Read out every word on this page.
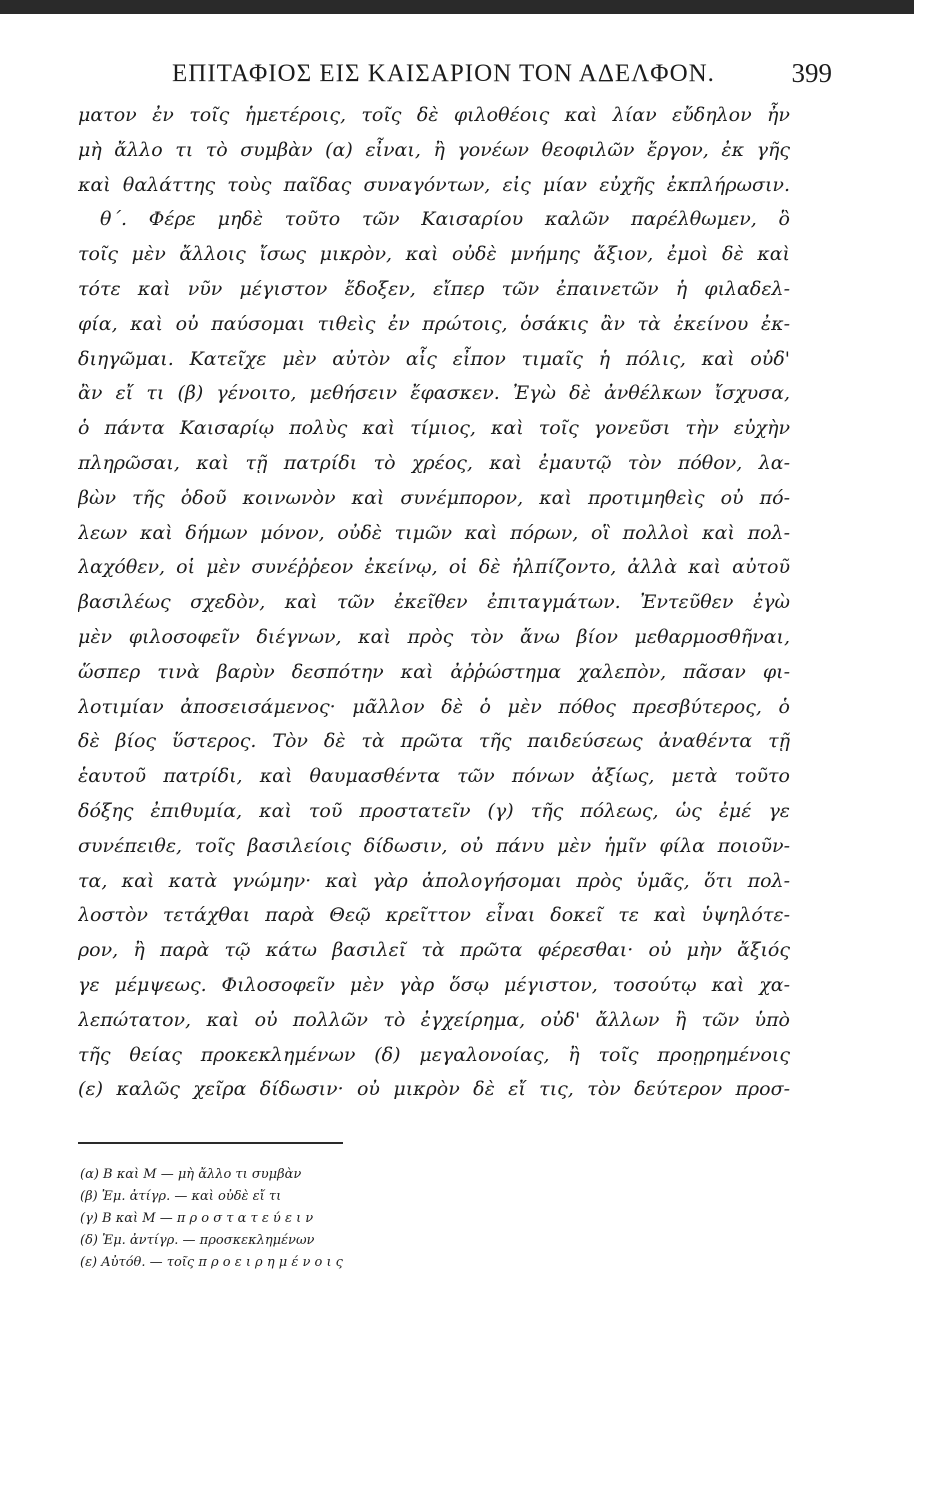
ΕΠΙΤΑΦΙΟΣ ΕΙΣ ΚΑΙΣΑΡΙΟΝ ΤΟΝ ΑΔΕΛΦΟΝ.	399
ματον ἐν τοῖς ἡμετέροις, τοῖς δὲ φιλοθέοις καὶ λίαν εὔδηλον ἦν
μὴ ἄλλο τι τὸ συμβὰν (α) εἶναι, ἢ γονέων θεοφιλῶν ἔργον, ἐκ γῆς
καὶ θαλάττης τοὺς παῖδας συναγόντων, εἰς μίαν εὐχῆς ἐκπλήρωσιν.
θ΄. Φέρε μηδὲ τοῦτο τῶν Καισαρίου καλῶν παρέλθωμεν, ὃ
τοῖς μὲν ἄλλοις ἴσως μικρὸν, καὶ οὐδὲ μνήμης ἄξιον, ἐμοὶ δὲ καὶ
τότε καὶ νῦν μέγιστον ἔδοξεν, εἴπερ τῶν ἐπαινετῶν ἡ φιλαδελ-
φία, καὶ οὐ παύσομαι τιθεὶς ἐν πρώτοις, ὁσάκις ἂν τὰ ἐκείνου ἐκ-
διηγῶμαι. Κατεῖχε μὲν αὐτὸν αἷς εἶπον τιμαῖς ἡ πόλις, καὶ οὐδ'
ἂν εἴ τι (β) γένοιτο, μεθήσειν ἔφασκεν. Ἐγὼ δὲ ἀνθέλκων ἴσχυσα,
ὁ πάντα Καισαρίῳ πολὺς καὶ τίμιος, καὶ τοῖς γονεῦσι τὴν εὐχὴν
πληρῶσαι, καὶ τῇ πατρίδι τὸ χρέος, καὶ ἐμαυτῷ τὸν πόθον, λα-
βὼν τῆς ὁδοῦ κοινωνὸν καὶ συνέμπορον, καὶ προτιμηθεὶς οὐ πό-
λεων καὶ δήμων μόνον, οὐδὲ τιμῶν καὶ πόρων, οἳ πολλοὶ καὶ πολ-
λαχόθεν, οἱ μὲν συνέῤῥεον ἐκείνῳ, οἱ δὲ ἠλπίζοντο, ἀλλὰ καὶ αὐτοῦ
βασιλέως σχεδὸν, καὶ τῶν ἐκεῖθεν ἐπιταγμάτων. Ἐντεῦθεν ἐγὼ
μὲν φιλοσοφεῖν διέγνων, καὶ πρὸς τὸν ἄνω βίον μεθαρμοσθῆναι,
ὥσπερ τινὰ βαρὺν δεσπότην καὶ ἀῤῥώστημα χαλεπὸν, πᾶσαν φι-
λοτιμίαν ἀποσεισάμενος· μᾶλλον δὲ ὁ μὲν πόθος πρεσβύτερος, ὁ
δὲ βίος ὕστερος. Τὸν δὲ τὰ πρῶτα τῆς παιδεύσεως ἀναθέντα τῇ
ἑαυτοῦ πατρίδι, καὶ θαυμασθέντα τῶν πόνων ἀξίως, μετὰ τοῦτο
δόξης ἐπιθυμία, καὶ τοῦ προστατεῖν (γ) τῆς πόλεως, ὡς ἐμέ γε
συνέπειθε, τοῖς βασιλείοις δίδωσιν, οὐ πάνυ μὲν ἡμῖν φίλα ποιοῦν-
τα, καὶ κατὰ γνώμην· καὶ γὰρ ἀπολογήσομαι πρὸς ὑμᾶς, ὅτι πολ-
λοστὸν τετάχθαι παρὰ Θεῷ κρεῖττον εἶναι δοκεῖ τε καὶ ὑψηλότε-
ρον, ἢ παρὰ τῷ κάτω βασιλεῖ τὰ πρῶτα φέρεσθαι· οὐ μὴν ἄξιός
γε μέμψεως. Φιλοσοφεῖν μὲν γὰρ ὅσῳ μέγιστον, τοσούτῳ καὶ χα-
λεπώτατον, καὶ οὐ πολλῶν τὸ ἐγχείρημα, οὐδ' ἄλλων ἢ τῶν ὑπὸ
τῆς θείας προκεκλημένων (δ) μεγαλονοίας, ἢ τοῖς προῃρημένοις
(ε) καλῶς χεῖρα δίδωσιν· οὐ μικρὸν δὲ εἴ τις, τὸν δεύτερον προσ-
(α) Β καὶ Μ — μὴ ἄλλο τι συμβὰν
(β) Ἐμ. ἀτίγρ. — καὶ οὐδὲ εἴ τι
(γ) Β καὶ Μ — π ρ ο σ τ α τ ε ύ ε ι ν
(δ) Ἐμ. ἀντίγρ. — προσκεκλημένων
(ε) Αὐτόθ. — τοῖς π ρ ο ε ι ρ η μ έ ν ο ι ς
